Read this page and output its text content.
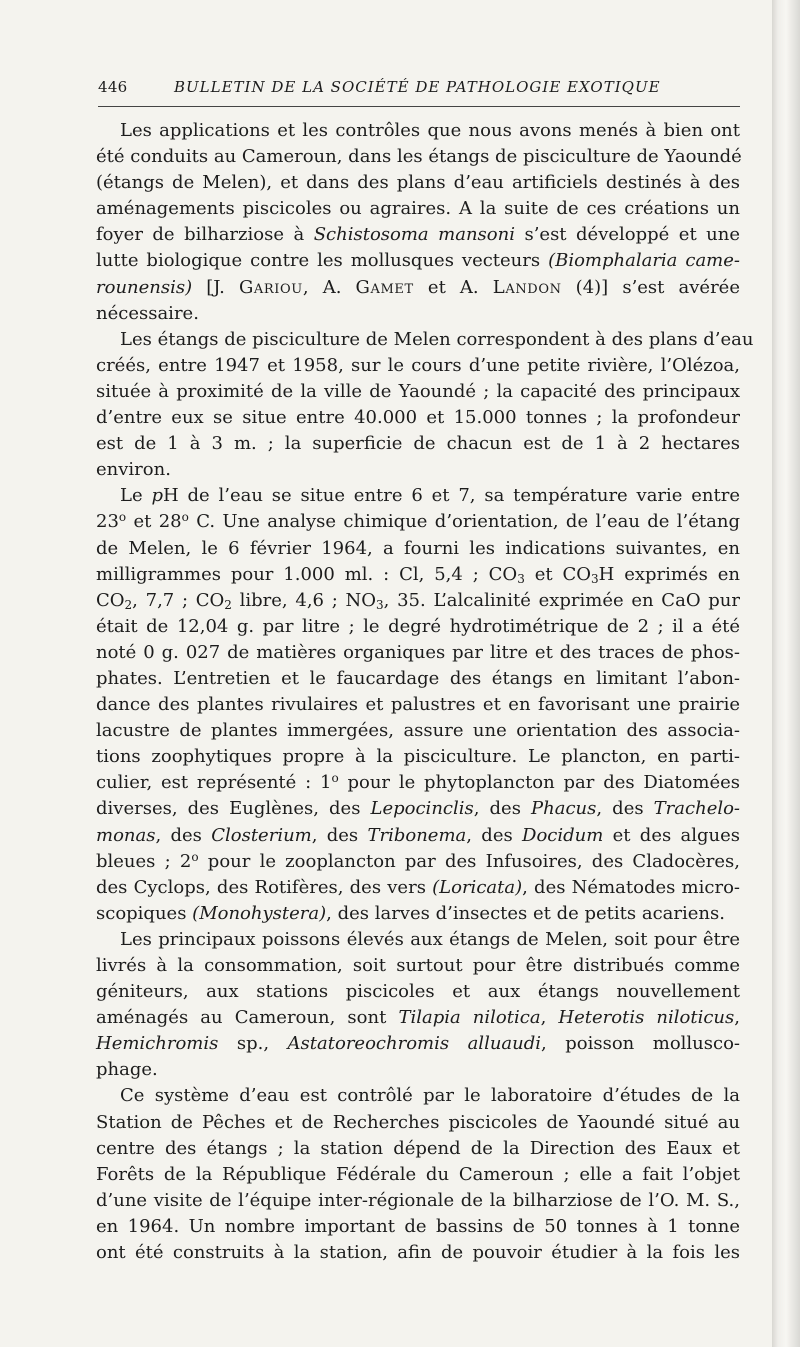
446	BULLETIN DE LA SOCIÉTÉ DE PATHOLOGIE EXOTIQUE
Les applications et les contrôles que nous avons menés à bien ont
été conduits au Cameroun, dans les étangs de pisciculture de Yaoundé
(étangs de Melen), et dans des plans d’eau artificiels destinés à des
aménagements piscicoles ou agraires. A la suite de ces créations un
foyer de bilharziose à Schistosoma mansoni s’est développé et une
lutte biologique contre les mollusques vecteurs (Biomphalaria came-
rounensis) [J. Gariou, A. Gamet et A. Landon (4)] s’est avérée
nécessaire.
Les étangs de pisciculture de Melen correspondent à des plans d’eau
créés, entre 1947 et 1958, sur le cours d’une petite rivière, l’Olézoa,
située à proximité de la ville de Yaoundé ; la capacité des principaux
d’entre eux se situe entre 40.000 et 15.000 tonnes ; la profondeur
est de 1 à 3 m. ; la superficie de chacun est de 1 à 2 hectares
environ.
Le pH de l’eau se situe entre 6 et 7, sa température varie entre
23$^o$ et 28$^o$ C. Une analyse chimique d’orientation, de l’eau de l’étang
de Melen, le 6 février 1964, a fourni les indications suivantes, en
milligrammes pour 1.000 ml. : Cl, 5,4 ; $CO_3$ et $CO_3H$ exprimés en
$CO_2$, 7,7 ; $CO_2$ libre, 4,6 ; $NO_3$, 35. L’alcalinité exprimée en CaO pur
était de 12,04 g. par litre ; le degré hydrotimétrique de 2 ; il a été
noté 0 g. 027 de matières organiques par litre et des traces de phos-
phates. L’entretien et le faucardage des étangs en limitant l’abon-
dance des plantes rivulaires et palustres et en favorisant une prairie
lacustre de plantes immergées, assure une orientation des associa-
tions zoophytiques propre à la pisciculture. Le plancton, en parti-
culier, est représenté : 1$^o$ pour le phytoplancton par des Diatomées
diverses, des Euglènes, des Lepocinclis, des Phacus, des Trachelo-
monas, des Closterium, des Tribonema, des Docidum et des algues
bleues ; 2$^o$ pour le zooplancton par des Infusoires, des Cladocères,
des Cyclops, des Rotifères, des vers (Loricata), des Nématodes micro-
scopiques (Monohystera), des larves d’insectes et de petits acariens.
Les principaux poissons élevés aux étangs de Melen, soit pour être
livrés à la consommation, soit surtout pour être distribués comme
géniteurs, aux stations piscicoles et aux étangs nouvellement
aménagés au Cameroun, sont Tilapia nilotica, Heterotis niloticus,
Hemichromis sp., Astatoreochromis alluaudi, poisson mollusco-
phage.
Ce système d’eau est contrôlé par le laboratoire d’études de la
Station de Pêches et de Recherches piscicoles de Yaoundé situé au
centre des étangs ; la station dépend de la Direction des Eaux et
Forêts de la République Fédérale du Cameroun ; elle a fait l’objet
d’une visite de l’équipe inter-régionale de la bilharziose de l’O. M. S.,
en 1964. Un nombre important de bassins de 50 tonnes à 1 tonne
ont été construits à la station, afin de pouvoir étudier à la fois les
